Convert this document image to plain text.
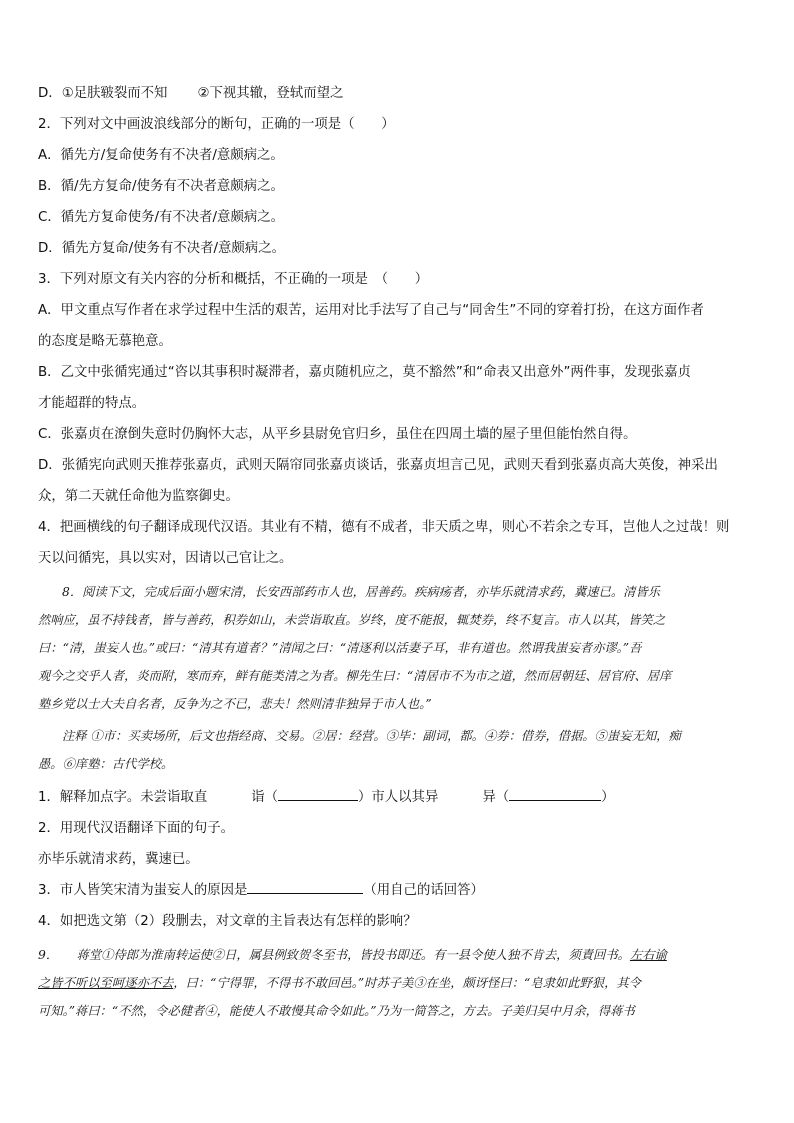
D．①足肤皲裂而不知 ②下视其辙，登轼而望之
2．下列对文中画波浪线部分的断句，正确的一项是（　　）
A．循先方/复命使务有不决者/意颇病之。
B．循/先方复命/使务有不决者意颇病之。
C．循先方复命使务/有不决者/意颇病之。
D．循先方复命/使务有不决者/意颇病之。
3．下列对原文有关内容的分析和概括，不正确的一项是　（　　）
A．甲文重点写作者在求学过程中生活的艰苦，运用对比手法写了自己与“同舍生”不同的穿着打扮，在这方面作者
的态度是略无慕艳意。
B．乙文中张循宪通过“咨以其事积时凝滞者，嘉贞随机应之，莫不豁然”和“命表又出意外”两件事，发现张嘉贞
才能超群的特点。
C．张嘉贞在潦倒失意时仍胸怀大志，从平乡县尉免官归乡，虽住在四周土墙的屋子里但能怡然自得。
D．张循宪向武则天推荐张嘉贞，武则天隔帘同张嘉贞谈话，张嘉贞坦言己见，武则天看到张嘉贞高大英俊，神采出
众，第二天就任命他为监察御史。
4．把画横线的句子翻译成现代汉语。其业有不精，德有不成者，非天质之卑，则心不若余之专耳，岂他人之过哉！则
天以问循宪，具以实对，因请以己官让之。
8．阅读下文，完成后面小题宋清，长安西部药市人也，居善药。疾病疡者，亦毕乐就清求药，冀速已。清皆乐
然响应，虽不持钱者，皆与善药，积券如山，未尝诣取直。岁终，度不能报，辄焚券，终不复言。市人以其，皆笑之
曰：“清，蚩妄人也。”或曰：“清其有道者？”清闻之曰：“清逐利以活妻子耳，非有道也。然谓我蚩妄者亦谬。”吾
观今之交乎人者，炎而附，寒而弃，鲜有能类清之为者。柳先生曰：“清居市不为市之道，然而居朝廷、居官府、居庠
塾乡党以士大夫自名者，反争为之不已，悲夫！然则清非独异于市人也。”
注释 ①市：买卖场所，后文也指经商、交易。②居：经营。③毕：副词，都。④券：借券，借据。⑤蚩妄无知，痴
愚。⑥庠塾：古代学校。
1．解释加点字。未尝诣取直	诣（	）市人以其异	异（	）
2．用现代汉语翻译下面的句子。
亦毕乐就清求药，冀速已。
3．市人皆笑宋清为蚩妄人的原因是	（用自己的话回答）
4．如把选文第（2）段删去，对文章的主旨表达有怎样的影响？
9．　　蒋堂①侍郎为淮南转运使②日，属县例致贺冬至书，皆投书即还。有一县令使人独不肯去，须責回书。左右谕
之皆不听以至呵逐亦不去，曰：“宁得罪，不得书不敢回邑。”时苏子美③在坐，颇讶怪曰：“皂隶如此野狠，其令
可知。”蒋曰：“不然，令必健者④，能使人不敢慢其命令如此。”乃为一简答之，方去。子美归吴中月余，得蒋书
